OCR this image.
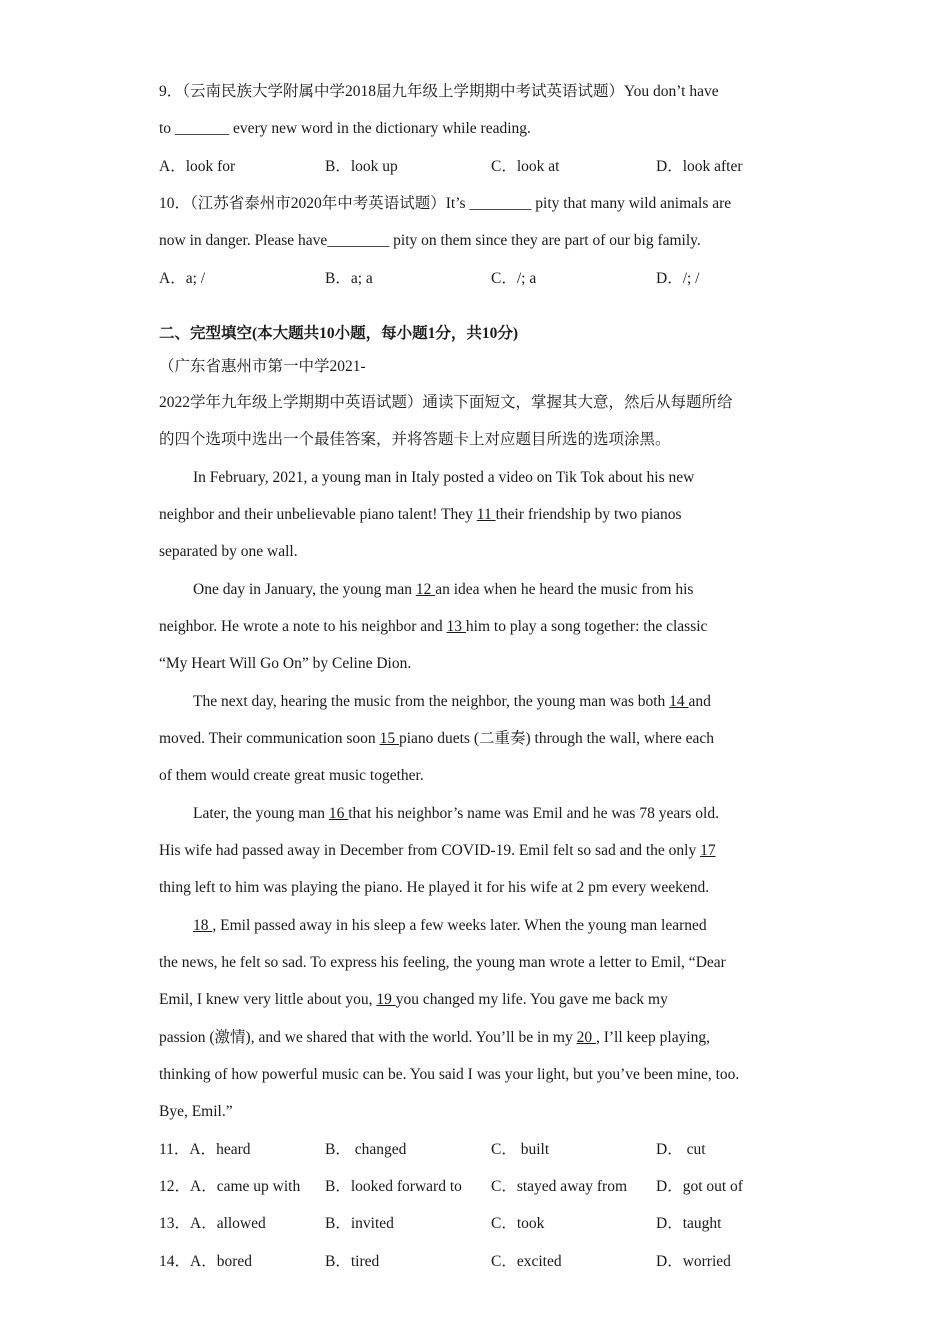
9．（云南民族大学附属中学2018届九年级上学期期中考试英语试题）You don’t have
to _______ every new word in the dictionary while reading.
A．look for	B．look up	C．look at	D．look after
10．（江苏省泰州市2020年中考英语试题）It’s ________ pity that many wild animals are
now in danger. Please have________ pity on them since they are part of our big family.
A．a; /	B．a; a	C．/; a	D．/; /
二、完型填空(本大题共10小题，每小题1分，共10分)
（广东省惠州市第一中学2021-
2022学年九年级上学期期中英语试题）通读下面短文，掌握其大意，然后从每题所给
的四个选项中选出一个最佳答案，并将答题卡上对应题目所选的选项涂黑。
In February, 2021, a young man in Italy posted a video on Tik Tok about his new
neighbor and their unbelievable piano talent! They 11 their friendship by two pianos
separated by one wall.
One day in January, the young man 12 an idea when he heard the music from his
neighbor. He wrote a note to his neighbor and 13 him to play a song together: the classic
“My Heart Will Go On” by Celine Dion.
The next day, hearing the music from the neighbor, the young man was both 14 and
moved. Their communication soon 15 piano duets (二重奏) through the wall, where each
of them would create great music together.
Later, the young man 16 that his neighbor’s name was Emil and he was 78 years old.
His wife had passed away in December from COVID-19. Emil felt so sad and the only 17
thing left to him was playing the piano. He played it for his wife at 2 pm every weekend.
18 , Emil passed away in his sleep a few weeks later. When the young man learned
the news, he felt so sad. To express his feeling, the young man wrote a letter to Emil, “Dear
Emil, I knew very little about you, 19 you changed my life. You gave me back my
passion (激情), and we shared that with the world. You’ll be in my 20 , I’ll keep playing,
thinking of how powerful music can be. You said I was your light, but you’ve been mine, too.
Bye, Emil.”
11．A．heard	B． changed	C． built	D． cut
12．A．came up with B．looked forward to C．stayed away from D．got out of
13．A．allowed	B．invited	C．took	D．taught
14．A．bored	B．tired	C．excited	D．worried
